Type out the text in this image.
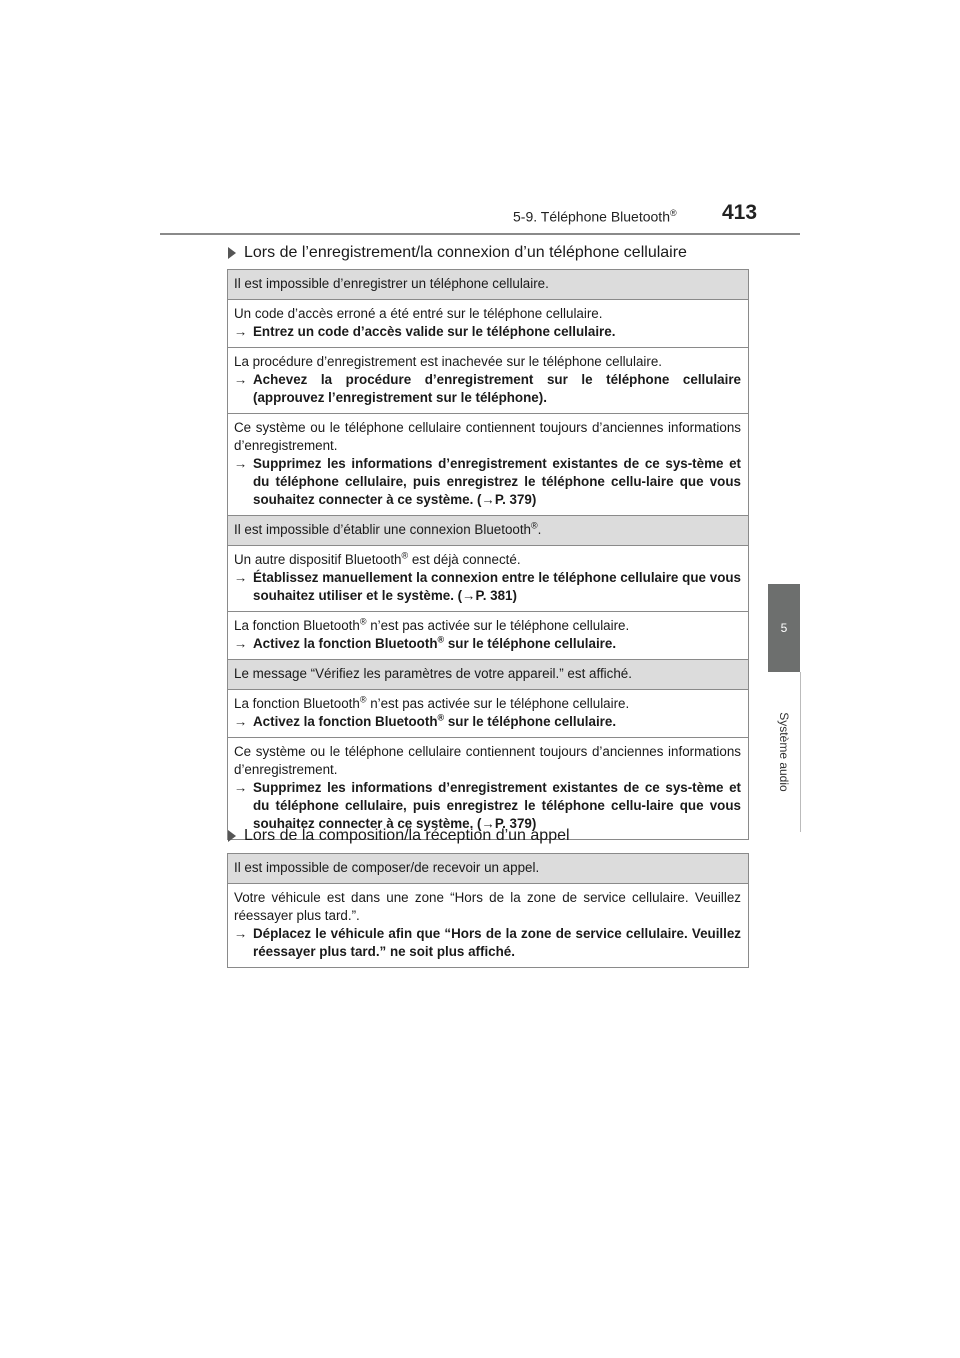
5-9. Téléphone Bluetooth® 413
5
Système audio
Lors de l’enregistrement/la connexion d’un téléphone cellulaire
Il est impossible d’enregistrer un téléphone cellulaire.
Un code d’accès erroné a été entré sur le téléphone cellulaire.
→ Entrez un code d’accès valide sur le téléphone cellulaire.

La procédure d’enregistrement est inachevée sur le téléphone cellulaire.
→ Achevez la procédure d’enregistrement sur le téléphone cellulaire (approuvez l’enregistrement sur le téléphone).

Ce système ou le téléphone cellulaire contiennent toujours d’anciennes informations d’enregistrement.
→ Supprimez les informations d’enregistrement existantes de ce sys-tème et du téléphone cellulaire, puis enregistrez le téléphone cellu-laire que vous souhaitez connecter à ce système. (→P. 379)

Il est impossible d’établir une connexion Bluetooth®.
Un autre dispositif Bluetooth® est déjà connecté.
→ Établissez manuellement la connexion entre le téléphone cellulaire que vous souhaitez utiliser et le système. (→P. 381)

La fonction Bluetooth® n’est pas activée sur le téléphone cellulaire.
→ Activez la fonction Bluetooth® sur le téléphone cellulaire.

Le message “Vérifiez les paramètres de votre appareil.” est affiché.
La fonction Bluetooth® n’est pas activée sur le téléphone cellulaire.
→ Activez la fonction Bluetooth® sur le téléphone cellulaire.

Ce système ou le téléphone cellulaire contiennent toujours d’anciennes informations d’enregistrement.
→ Supprimez les informations d’enregistrement existantes de ce sys-tème et du téléphone cellulaire, puis enregistrez le téléphone cellu-laire que vous souhaitez connecter à ce système. (→P. 379)
Lors de la composition/la réception d’un appel
Il est impossible de composer/de recevoir un appel.
Votre véhicule est dans une zone “Hors de la zone de service cellulaire. Veuillez réessayer plus tard.”.
→ Déplacez le véhicule afin que “Hors de la zone de service cellulaire. Veuillez réessayer plus tard.” ne soit plus affiché.
